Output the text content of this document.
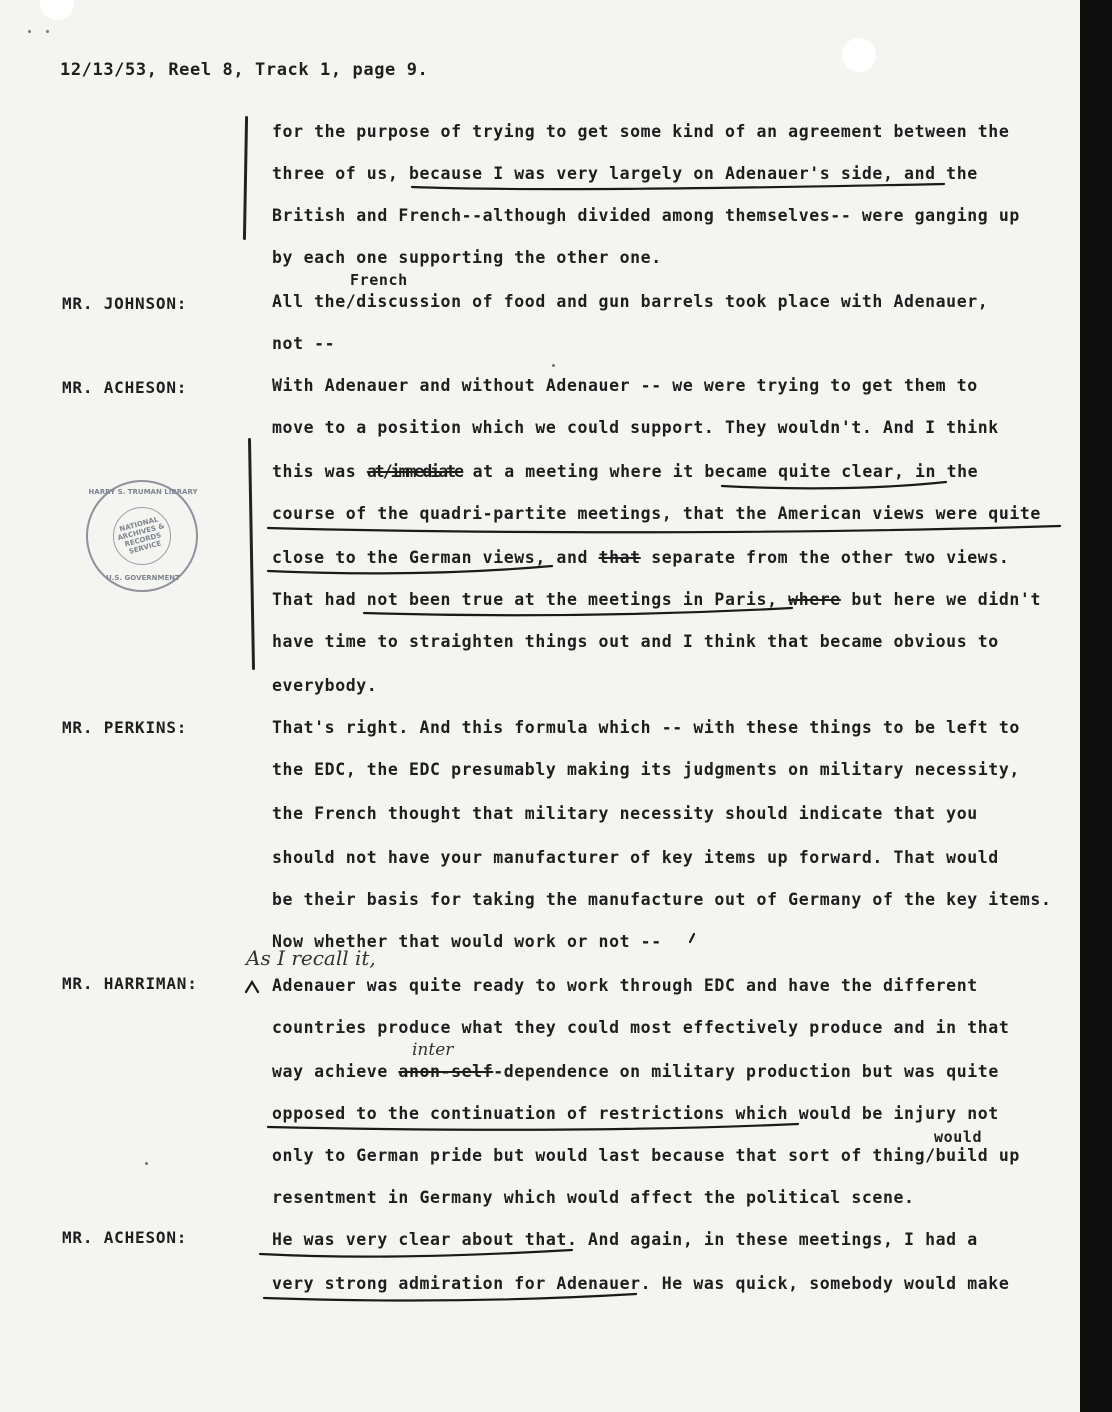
12/13/53, Reel 8, Track 1, page 9.
NATIONAL ARCHIVES & RECORDS SERVICE
HARRY S. TRUMAN LIBRARY
U.S. GOVERNMENT
MR. JOHNSON:
MR. ACHESON:
MR. PERKINS:
MR. HARRIMAN:
MR. ACHESON:
French
As I recall it,
inter
would
for the purpose of trying to get some kind of an agreement between the
three of us, because I was very largely on Adenauer's side, and the
British and French--although divided among themselves-- were ganging up
by each one supporting the other one.
All the/discussion of food and gun barrels took place with Adenauer,
not --
With Adenauer and without Adenauer -- we were trying to get them to
move to a position which we could support. They wouldn't. And I think
this was at/immediate at a meeting where it became quite clear, in the
course of the quadri-partite meetings, that the American views were quite
close to the German views, and that separate from the other two views.
That had not been true at the meetings in Paris, where but here we didn't
have time to straighten things out and I think that became obvious to
everybody.
That's right. And this formula which -- with these things to be left to
the EDC, the EDC presumably making its judgments on military necessity,
the French thought that military necessity should indicate that you
should not have your manufacturer of key items up forward. That would
be their basis for taking the manufacture out of Germany of the key items.
Now whether that would work or not --
Adenauer was quite ready to work through EDC and have the different
countries produce what they could most effectively produce and in that
way achieve anon-self-dependence on military production but was quite
opposed to the continuation of restrictions which would be injury not
only to German pride but would last because that sort of thing/build up
resentment in Germany which would affect the political scene.
He was very clear about that. And again, in these meetings, I had a
very strong admiration for Adenauer. He was quick, somebody would make
